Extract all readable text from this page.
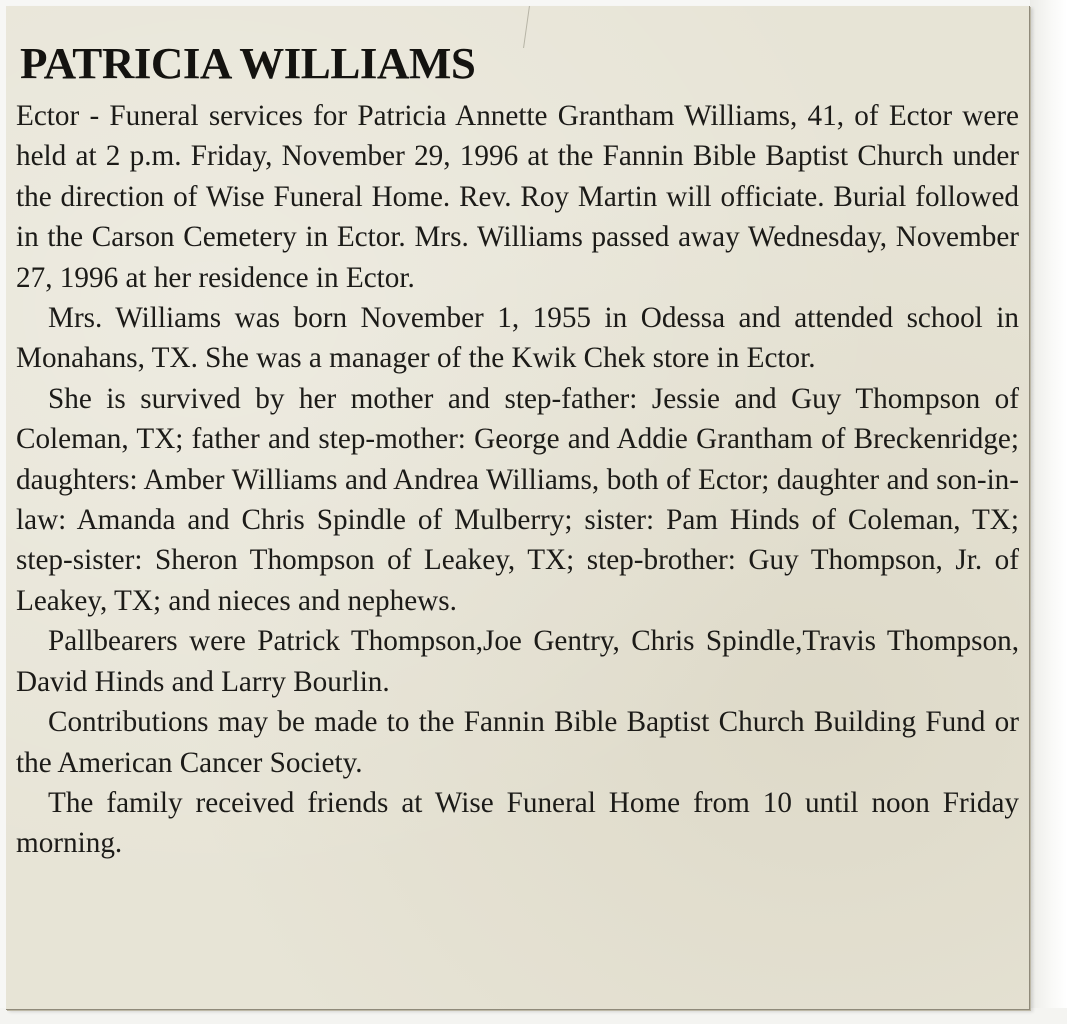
PATRICIA WILLIAMS

Ector - Funeral services for Patricia Annette Grantham Williams, 41, of Ector were held at 2 p.m. Friday, November 29, 1996 at the Fannin Bible Baptist Church under the direction of Wise Funeral Home. Rev. Roy Martin will officiate. Burial followed in the Carson Cemetery in Ector. Mrs. Williams passed away Wednesday, November 27, 1996 at her residence in Ector.

Mrs. Williams was born November 1, 1955 in Odessa and attended school in Monahans, TX. She was a manager of the Kwik Chek store in Ector.

She is survived by her mother and step-father: Jessie and Guy Thompson of Coleman, TX; father and step-mother: George and Addie Grantham of Breckenridge; daughters: Amber Williams and Andrea Williams, both of Ector; daughter and son-in-law: Amanda and Chris Spindle of Mulberry; sister: Pam Hinds of Coleman, TX; step-sister: Sheron Thompson of Leakey, TX; step-brother: Guy Thompson, Jr. of Leakey, TX; and nieces and nephews.

Pallbearers were Patrick Thompson,Joe Gentry, Chris Spindle,Travis Thompson, David Hinds and Larry Bourlin.

Contributions may be made to the Fannin Bible Baptist Church Building Fund or the American Cancer Society.

The family received friends at Wise Funeral Home from 10 until noon Friday morning.
